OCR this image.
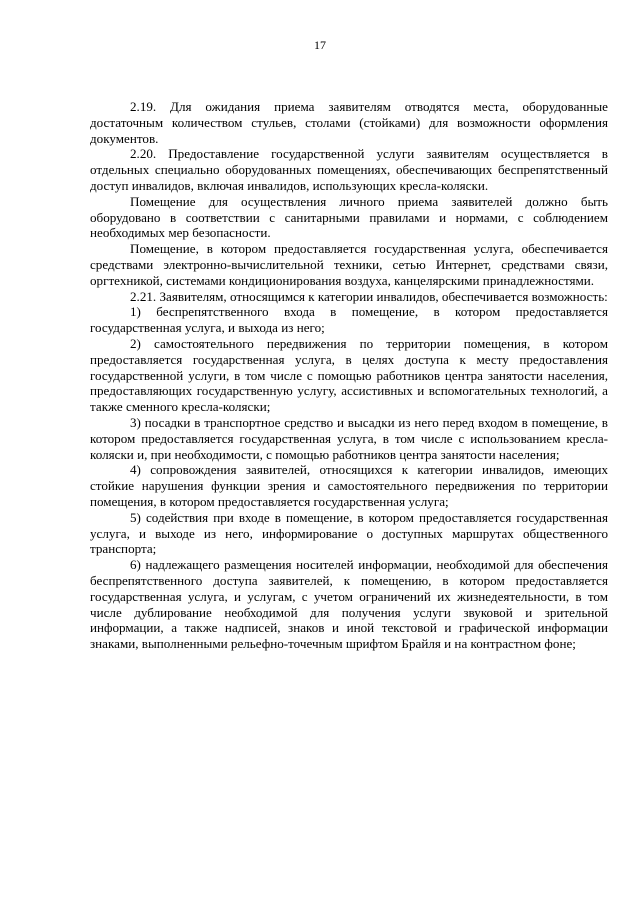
17

2.19. Для ожидания приема заявителям отводятся места, оборудованные достаточным количеством стульев, столами (стойками) для возможности оформления документов.

2.20. Предоставление государственной услуги заявителям осуществляется в отдельных специально оборудованных помещениях, обеспечивающих беспрепятственный доступ инвалидов, включая инвалидов, использующих кресла-коляски.

Помещение для осуществления личного приема заявителей должно быть оборудовано в соответствии с санитарными правилами и нормами, с соблюдением необходимых мер безопасности.

Помещение, в котором предоставляется государственная услуга, обеспечивается средствами электронно-вычислительной техники, сетью Интернет, средствами связи, оргтехникой, системами кондиционирования воздуха, канцелярскими принадлежностями.

2.21. Заявителям, относящимся к категории инвалидов, обеспечивается возможность:

1) беспрепятственного входа в помещение, в котором предоставляется государственная услуга, и выхода из него;

2) самостоятельного передвижения по территории помещения, в котором предоставляется государственная услуга, в целях доступа к месту предоставления государственной услуги, в том числе с помощью работников центра занятости населения, предоставляющих государственную услугу, ассистивных и вспомогательных технологий, а также сменного кресла-коляски;

3) посадки в транспортное средство и высадки из него перед входом в помещение, в котором предоставляется государственная услуга, в том числе с использованием кресла-коляски и, при необходимости, с помощью работников центра занятости населения;

4) сопровождения заявителей, относящихся к категории инвалидов, имеющих стойкие нарушения функции зрения и самостоятельного передвижения по территории помещения, в котором предоставляется государственная услуга;

5) содействия при входе в помещение, в котором предоставляется государственная услуга, и выходе из него, информирование о доступных маршрутах общественного транспорта;

6) надлежащего размещения носителей информации, необходимой для обеспечения беспрепятственного доступа заявителей, к помещению, в котором предоставляется государственная услуга, и услугам, с учетом ограничений их жизнедеятельности, в том числе дублирование необходимой для получения услуги звуковой и зрительной информации, а также надписей, знаков и иной текстовой и графической информации знаками, выполненными рельефно-точечным шрифтом Брайля и на контрастном фоне;
